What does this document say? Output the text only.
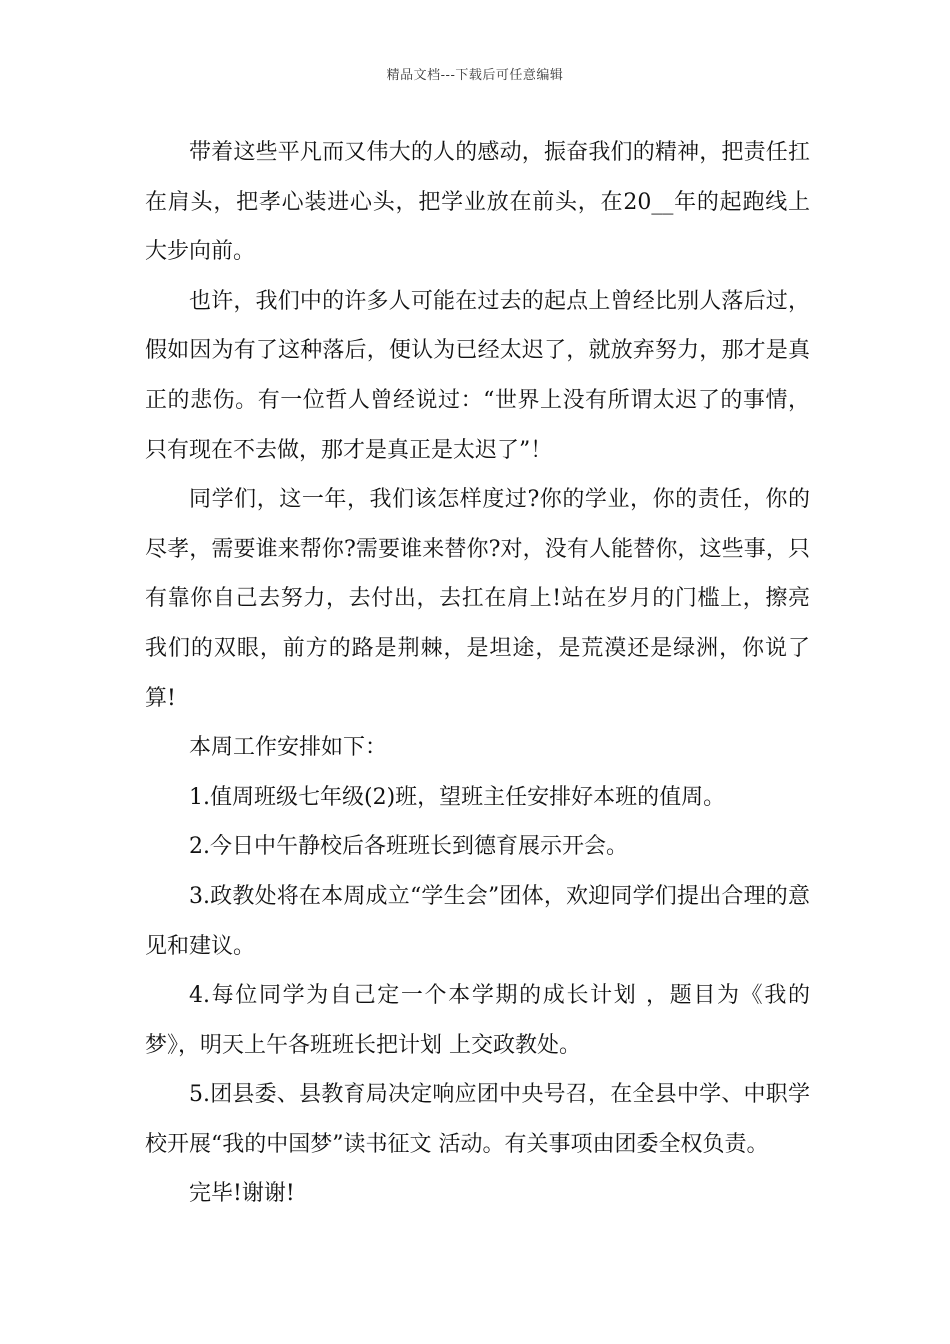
精品文档---下载后可任意编辑

带着这些平凡而又伟大的人的感动，振奋我们的精神，把责任扛在肩头，把孝心装进心头，把学业放在前头，在20__年的起跑线上大步向前。

也许，我们中的许多人可能在过去的起点上曾经比别人落后过，假如因为有了这种落后，便认为已经太迟了，就放弃努力，那才是真正的悲伤。有一位哲人曾经说过：“世界上没有所谓太迟了的事情，只有现在不去做，那才是真正是太迟了”！

同学们，这一年，我们该怎样度过?你的学业，你的责任，你的尽孝，需要谁来帮你?需要谁来替你?对，没有人能替你，这些事，只有靠你自己去努力，去付出，去扛在肩上!站在岁月的门槛上，擦亮我们的双眼，前方的路是荆棘，是坦途，是荒漠还是绿洲，你说了算!

本周工作安排如下：

1.值周班级七年级(2)班，望班主任安排好本班的值周。

2.今日中午静校后各班班长到德育展示开会。

3.政教处将在本周成立“学生会”团体，欢迎同学们提出合理的意见和建议。

4.每位同学为自己定一个本学期的成长计划 ，题目为《我的梦》，明天上午各班班长把计划 上交政教处。

5.团县委、县教育局决定响应团中央号召，在全县中学、中职学校开展“我的中国梦”读书征文 活动。有关事项由团委全权负责。

完毕!谢谢!
